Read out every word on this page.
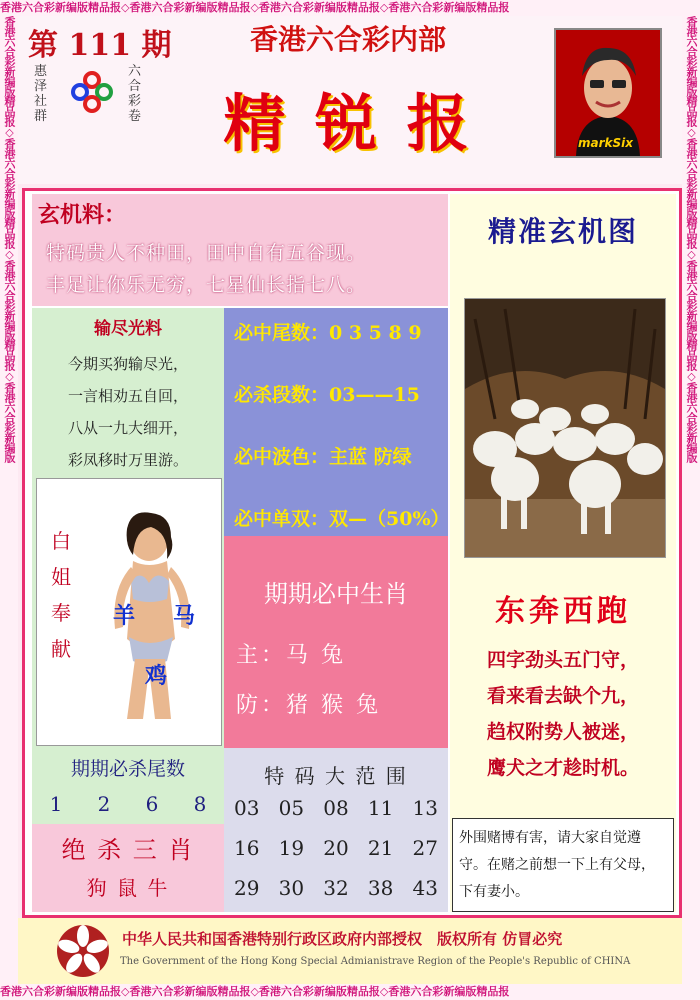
香港六合彩新编版精品报◇香港六合彩新编版精品报◇香港六合彩新编版精品报◇香港六合彩新编版精品报
香港六合彩新编版精品报◇香港六合彩新编版精品报◇香港六合彩新编版精品报◇香港六合彩新编版精品报
香港六合彩新编版精品报◇香港六合彩新编版精品报◇香港六合彩新编版精品报◇香港六合彩新编版	香港六合彩新编版精品报◇香港六合彩新编版精品报◇香港六合彩新编版精品报◇香港六合彩新编版
第 111 期
惠泽社群
六合彩卷
香港六合彩内部
精 锐 报	markSix
玄机料：
特码贵人不种田，田中自有五谷现。
丰足让你乐无穷，七星仙长指七八。
输尽光料
今期买狗输尽光，
一言相劝五自回，
八从一九大细开，
彩凤移时万里游。
必中尾数：0 3 5 8 9
必杀段数：03——15
必中波色：主蓝 防绿
必中单双：双—（50%）
白
姐
奉
献
羊 马
鸡
期期必中生肖
主：马 兔
防：猪 猴 兔
期期必杀尾数
1 2 6 8
绝 杀 三 肖
狗 鼠 牛
特 码 大 范 围
03 05 08 11 13
16 19 20 21 27
29 30 32 38 43
精准玄机图
东奔西跑
四字劲头五门守，
看来看去缺个九，
趋权附势人被迷，
鹰犬之才趁时机。
外围赌博有害，请大家自觉遵守。在赌之前想一下上有父母，下有妻小。
中华人民共和国香港特别行政区政府内部授权　版权所有 仿冒必究
The Government of the Hong Kong Special Admianistrave Region of the People's Republic of CHINA
